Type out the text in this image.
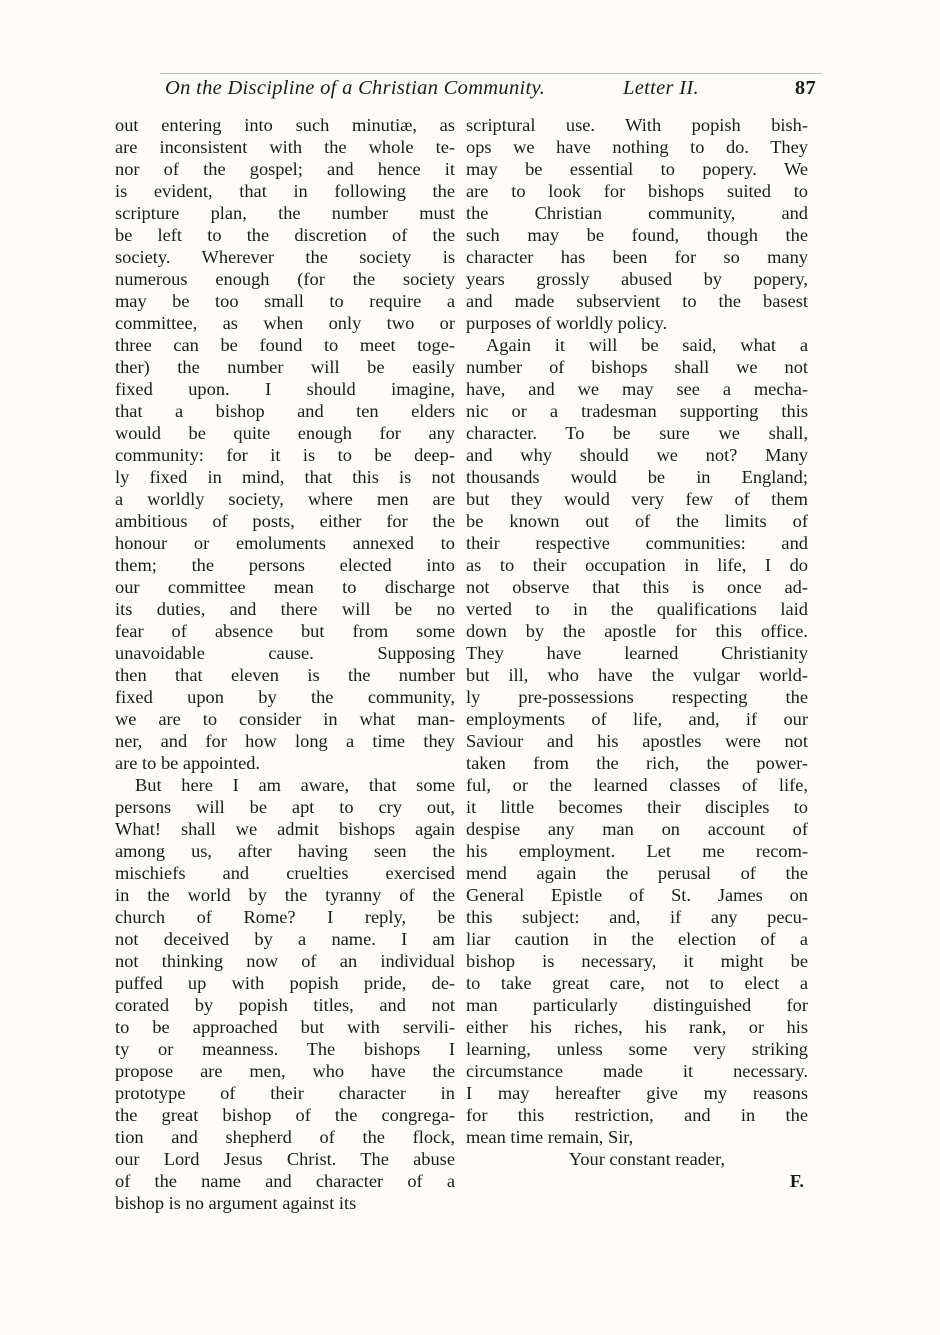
On the Discipline of a Christian Community.	Letter II.	87

out entering into such minutiæ, as
are inconsistent with the whole te-
nor of the gospel; and hence it
is evident, that in following the
scripture plan, the number must
be left to the discretion of the
society. Wherever the society is
numerous enough (for the society
may be too small to require a
committee, as when only two or
three can be found to meet toge-
ther) the number will be easily
fixed upon. I should imagine,
that a bishop and ten elders
would be quite enough for any
community: for it is to be deep-
ly fixed in mind, that this is not
a worldly society, where men are
ambitious of posts, either for the
honour or emoluments annexed to
them; the persons elected into
our committee mean to discharge
its duties, and there will be no
fear of absence but from some
unavoidable cause. Supposing
then that eleven is the number
fixed upon by the community,
we are to consider in what man-
ner, and for how long a time they
are to be appointed.

But here I am aware, that some
persons will be apt to cry out,
What! shall we admit bishops again
among us, after having seen the
mischiefs and cruelties exercised
in the world by the tyranny of the
church of Rome? I reply, be
not deceived by a name. I am
not thinking now of an individual
puffed up with popish pride, de-
corated by popish titles, and not
to be approached but with servili-
ty or meanness. The bishops I
propose are men, who have the
prototype of their character in
the great bishop of the congrega-
tion and shepherd of the flock,
our Lord Jesus Christ. The abuse
of the name and character of a
bishop is no argument against its

scriptural use. With popish bish-
ops we have nothing to do. They
may be essential to popery. We
are to look for bishops suited to
the Christian community, and
such may be found, though the
character has been for so many
years grossly abused by popery,
and made subservient to the basest
purposes of worldly policy.

Again it will be said, what a
number of bishops shall we not
have, and we may see a mecha-
nic or a tradesman supporting this
character. To be sure we shall,
and why should we not? Many
thousands would be in England;
but they would very few of them
be known out of the limits of
their respective communities: and
as to their occupation in life, I do
not observe that this is once ad-
verted to in the qualifications laid
down by the apostle for this office.
They have learned Christianity
but ill, who have the vulgar world-
ly pre-possessions respecting the
employments of life, and, if our
Saviour and his apostles were not
taken from the rich, the power-
ful, or the learned classes of life,
it little becomes their disciples to
despise any man on account of
his employment. Let me recom-
mend again the perusal of the
General Epistle of St. James on
this subject: and, if any pecu-
liar caution in the election of a
bishop is necessary, it might be
to take great care, not to elect a
man particularly distinguished for
either his riches, his rank, or his
learning, unless some very striking
circumstance made it necessary.
I may hereafter give my reasons
for this restriction, and in the
mean time remain, Sir,

Your constant reader,
F.
